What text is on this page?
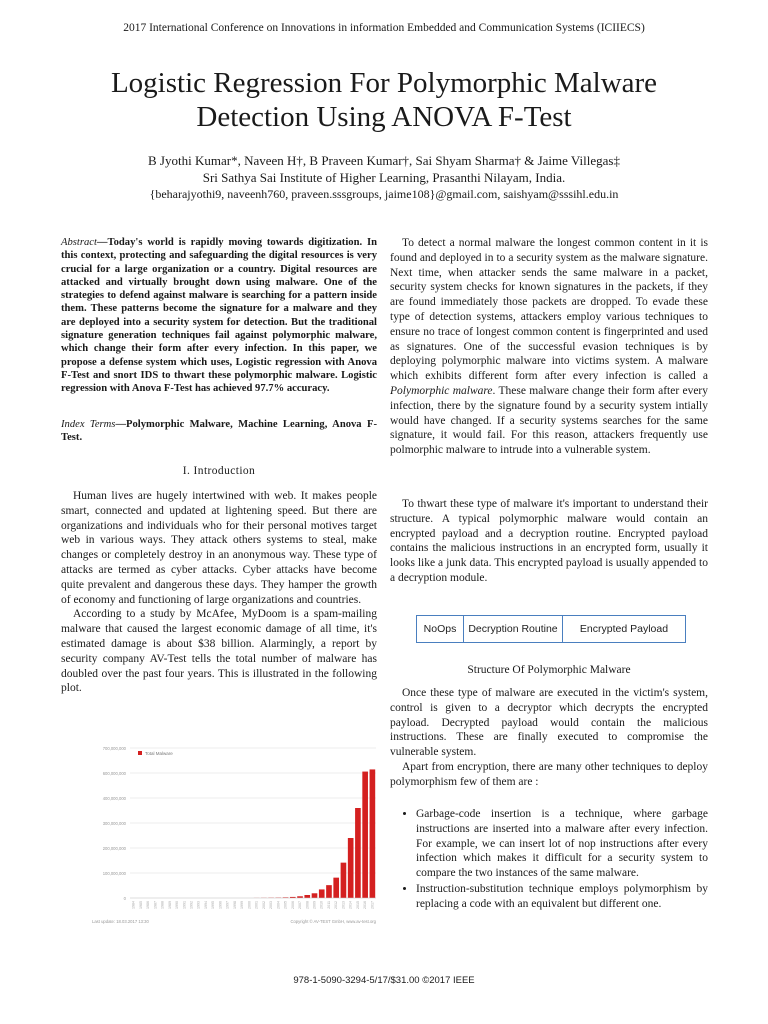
2017 International Conference on Innovations in information Embedded and Communication Systems (ICIIECS)
Logistic Regression For Polymorphic Malware
Detection Using ANOVA F-Test
B Jyothi Kumar*, Naveen H†, B Praveen Kumar†, Sai Shyam Sharma† & Jaime Villegas‡
Sri Sathya Sai Institute of Higher Learning, Prasanthi Nilayam, India.
{beharajyothi9, naveenh760, praveen.sssgroups, jaime108}@gmail.com, saishyam@sssihl.edu.in
Abstract—Today's world is rapidly moving towards digitization. In this context, protecting and safeguarding the digital resources is very crucial for a large organization or a country. Digital resources are attacked and virtually brought down using malware. One of the strategies to defend against malware is searching for a pattern inside them. These patterns become the signature for a malware and they are deployed into a security system for detection. But the traditional signature generation techniques fail against polymorphic malware, which change their form after every infection. In this paper, we propose a defense system which uses, Logistic regression with Anova F-Test and snort IDS to thwart these polymorphic malware. Logistic regression with Anova F-Test has achieved 97.7% accuracy.
Index Terms—Polymorphic Malware, Machine Learning, Anova F-Test.
I. Introduction

Human lives are hugely intertwined with web. It makes people smart, connected and updated at lightening speed. But there are organizations and individuals who for their personal motives target web in various ways. They attack others systems to steal, make changes or completely destroy in an anonymous way. These type of attacks are termed as cyber attacks. Cyber attacks have become quite prevalent and dangerous these days. They hamper the growth of economy and functioning of large organizations and countries.

According to a study by McAfee, MyDoom is a spam-mailing malware that caused the largest economic damage of all time, it's estimated damage is about $38 billion. Alarmingly, a report by security company AV-Test tells the total number of malware has doubled over the past four years. This is illustrated in the following plot.

700,000,000
600,000,000
400,000,000
300,000,000
200,000,000
100,000,000
0
Total Malware
1984 1985 1986 1987 1988 1989 1990 1991 1992 1993 1994 1995 1996 1997 1998 1999 2000 2001 2002 2003 2004 2005 2006 2007 2008 2009 2010 2011 2012 2013 2014 2015 2016 2017
Last update: 18.03.2017 13:30	Copyright © AV-TEST GmbH, www.av-test.org

To detect a normal malware the longest common content in it is found and deployed in to a security system as the malware signature. Next time, when attacker sends the same malware in a packet, security system checks for known signatures in the packets, if they are found immediately those packets are dropped. To evade these type of detection systems, attackers employ various techniques to ensure no trace of longest common content is fingerprinted and used as signatures. One of the successful evasion techniques is by deploying polymorphic malware into victims system. A malware which exhibits different form after every infection is called a Polymorphic malware. These malware change their form after every infection, there by the signature found by a security system intially would have changed. If a security systems searches for the same signature, it would fail. For this reason, attackers frequently use polmorphic malware to intrude into a vulnerable system.

To thwart these type of malware it's important to understand their structure. A typical polymorphic malware would contain an encrypted payload and a decryption routine. Encrypted payload contains the malicious instructions in an encrypted form, usually it looks like a junk data. This encrypted payload is usually appended to a decryption module.

NoOps	Decryption Routine	Encrypted Payload
Structure Of Polymorphic Malware

Once these type of malware are executed in the victim's system, control is given to a decryptor which decrypts the encrypted payload. Decrypted payload would contain the malicious instructions. These are finally executed to compromise the vulnerable system.

Apart from encryption, there are many other techniques to deploy polymorphism few of them are :

• Garbage-code insertion is a technique, where garbage instructions are inserted into a malware after every infection. For example, we can insert lot of nop instructions after every infection which makes it difficult for a security system to compare the two instances of the same malware.
• Instruction-substitution technique employs polymorphism by replacing a code with an equivalent but different one.
978-1-5090-3294-5/17/$31.00 ©2017 IEEE
